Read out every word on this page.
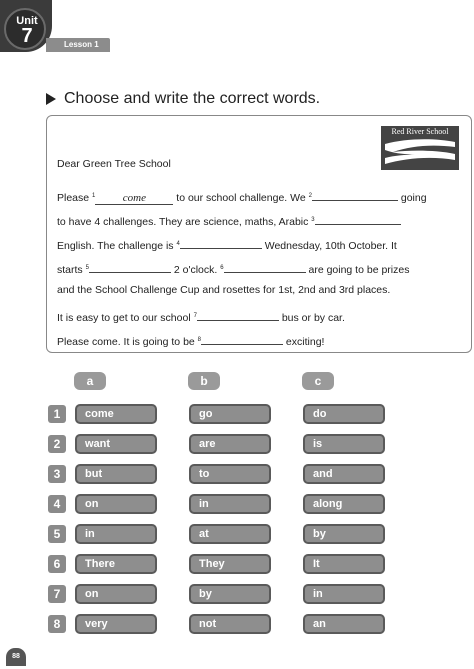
Unit
7	Lesson 1
Choose and write the correct words.
Red River School
Dear Green Tree School
Please $^1$ come	to our school challenge. We $^2$	going
to have 4 challenges. They are science, maths, Arabic $^3$
English. The challenge is $^4$	Wednesday, 10th October. It
starts $^5$	2 o'clock. $^6$	are going to be prizes
and the School Challenge Cup and rosettes for 1st, 2nd and 3rd places.
It is easy to get to our school $^7$	bus or by car.
Please come. It is going to be $^8$	exciting!
a	b	c
1	come	go	do
2	want	are	is
3	but	to	and
4	on	in	along
5	in	at	by
6	There	They	It
7	on	by	in
8	very	not	an
88
